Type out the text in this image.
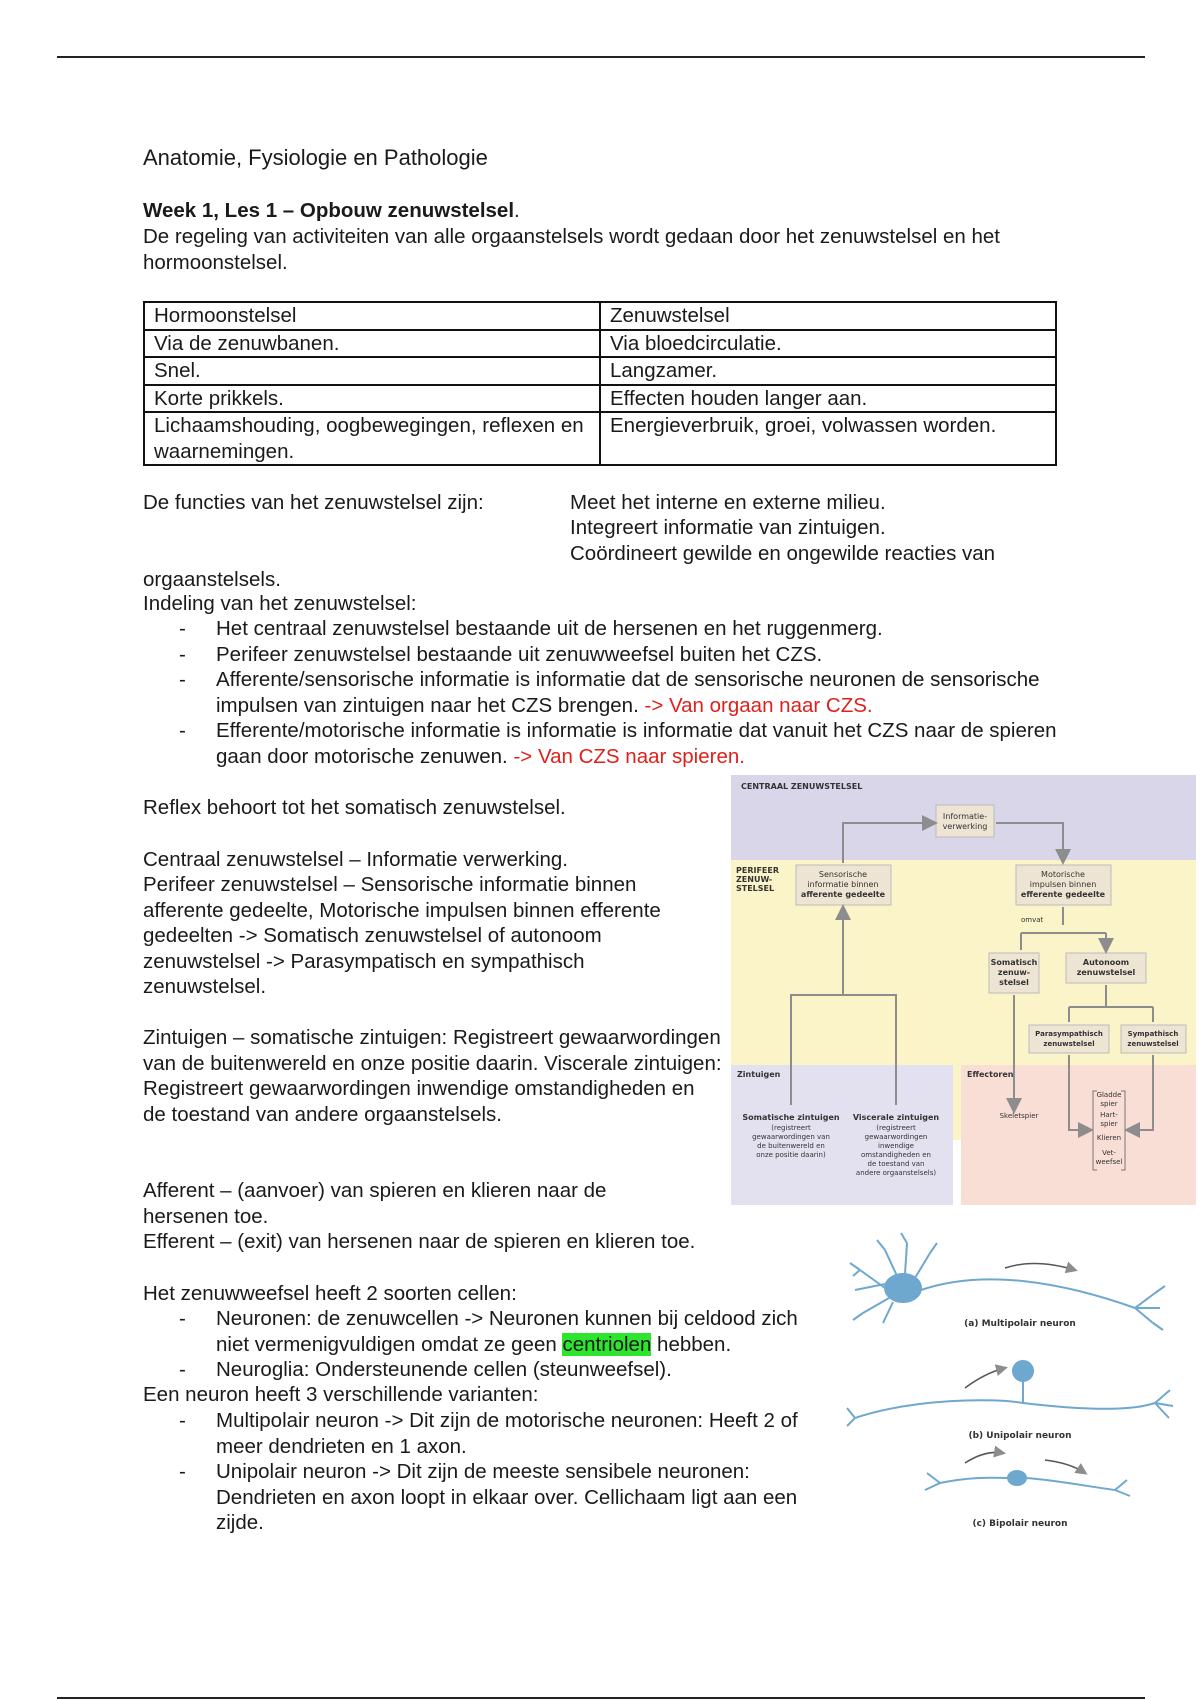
Anatomie, Fysiologie en Pathologie

Week 1, Les 1 – Opbouw zenuwstelsel.

De regeling van activiteiten van alle orgaanstelsels wordt gedaan door het zenuwstelsel en het hormoonstelsel.

Hormoonstelsel	Zenuwstelsel
Via de zenuwbanen.	Via bloedcirculatie.
Snel.	Langzamer.
Korte prikkels.	Effecten houden langer aan.
Lichaamshouding, oogbewegingen, reflexen en waarnemingen.	Energieverbruik, groei, volwassen worden.

De functies van het zenuwstelsel zijn:	Meet het interne en externe milieu.

Integreert informatie van zintuigen.

Coördineert gewilde en ongewilde reacties van

orgaanstelsels.

Indeling van het zenuwstelsel:

- Het centraal zenuwstelsel bestaande uit de hersenen en het ruggenmerg.
- Perifeer zenuwstelsel bestaande uit zenuwweefsel buiten het CZS.
- Afferente/sensorische informatie is informatie dat de sensorische neuronen de sensorische impulsen van zintuigen naar het CZS brengen. -> Van orgaan naar CZS.
- Efferente/motorische informatie is informatie is informatie dat vanuit het CZS naar de spieren gaan door motorische zenuwen. -> Van CZS naar spieren.

Reflex behoort tot het somatisch zenuwstelsel.

Centraal zenuwstelsel – Informatie verwerking.

Perifeer zenuwstelsel – Sensorische informatie binnen afferente gedeelte, Motorische impulsen binnen efferente gedeelten -> Somatisch zenuwstelsel of autonoom zenuwstelsel -> Parasympatisch en sympathisch zenuwstelsel.

Zintuigen – somatische zintuigen: Registreert gewaarwordingen van de buitenwereld en onze positie daarin. Viscerale zintuigen: Registreert gewaarwordingen inwendige omstandigheden en de toestand van andere orgaanstelsels.

Afferent – (aanvoer) van spieren en klieren naar de hersenen toe.

Efferent – (exit) van hersenen naar de spieren en klieren toe.

Het zenuwweefsel heeft 2 soorten cellen:

- Neuronen: de zenuwcellen -> Neuronen kunnen bij celdood zich niet vermenigvuldigen omdat ze geen centriolen hebben.
- Neuroglia: Ondersteunende cellen (steunweefsel).

Een neuron heeft 3 verschillende varianten:

- Multipolair neuron -> Dit zijn de motorische neuronen: Heeft 2 of meer dendrieten en 1 axon.
- Unipolair neuron -> Dit zijn de meeste sensibele neuronen: Dendrieten en axon loopt in elkaar over. Cellichaam ligt aan een zijde.
CENTRAAL ZENUWSTELSEL
Informatie-
verwerking
PERIFEER
ZENUW-
STELSEL
Sensorische
informatie binnen
afferente gedeelte
Motorische
impulsen binnen
efferente gedeelte
omvat
Somatisch
zenuw-
stelsel
Autonoom
zenuwstelsel
Parasympathisch
zenuwstelsel
Sympathisch
zenuwstelsel
Zintuigen	Effectoren
Somatische zintuigen
(registreert
gewaarwordingen van
de buitenwereld en
onze positie daarin)
Viscerale zintuigen
(registreert
gewaarwordingen
inwendige
omstandigheden en
de toestand van
andere orgaanstelsels)
Skeletspier
Gladde
spier
Hart-
spier
Klieren
Vet-
weefsel
(a) Multipolair neuron
(b) Unipolair neuron
(c) Bipolair neuron
